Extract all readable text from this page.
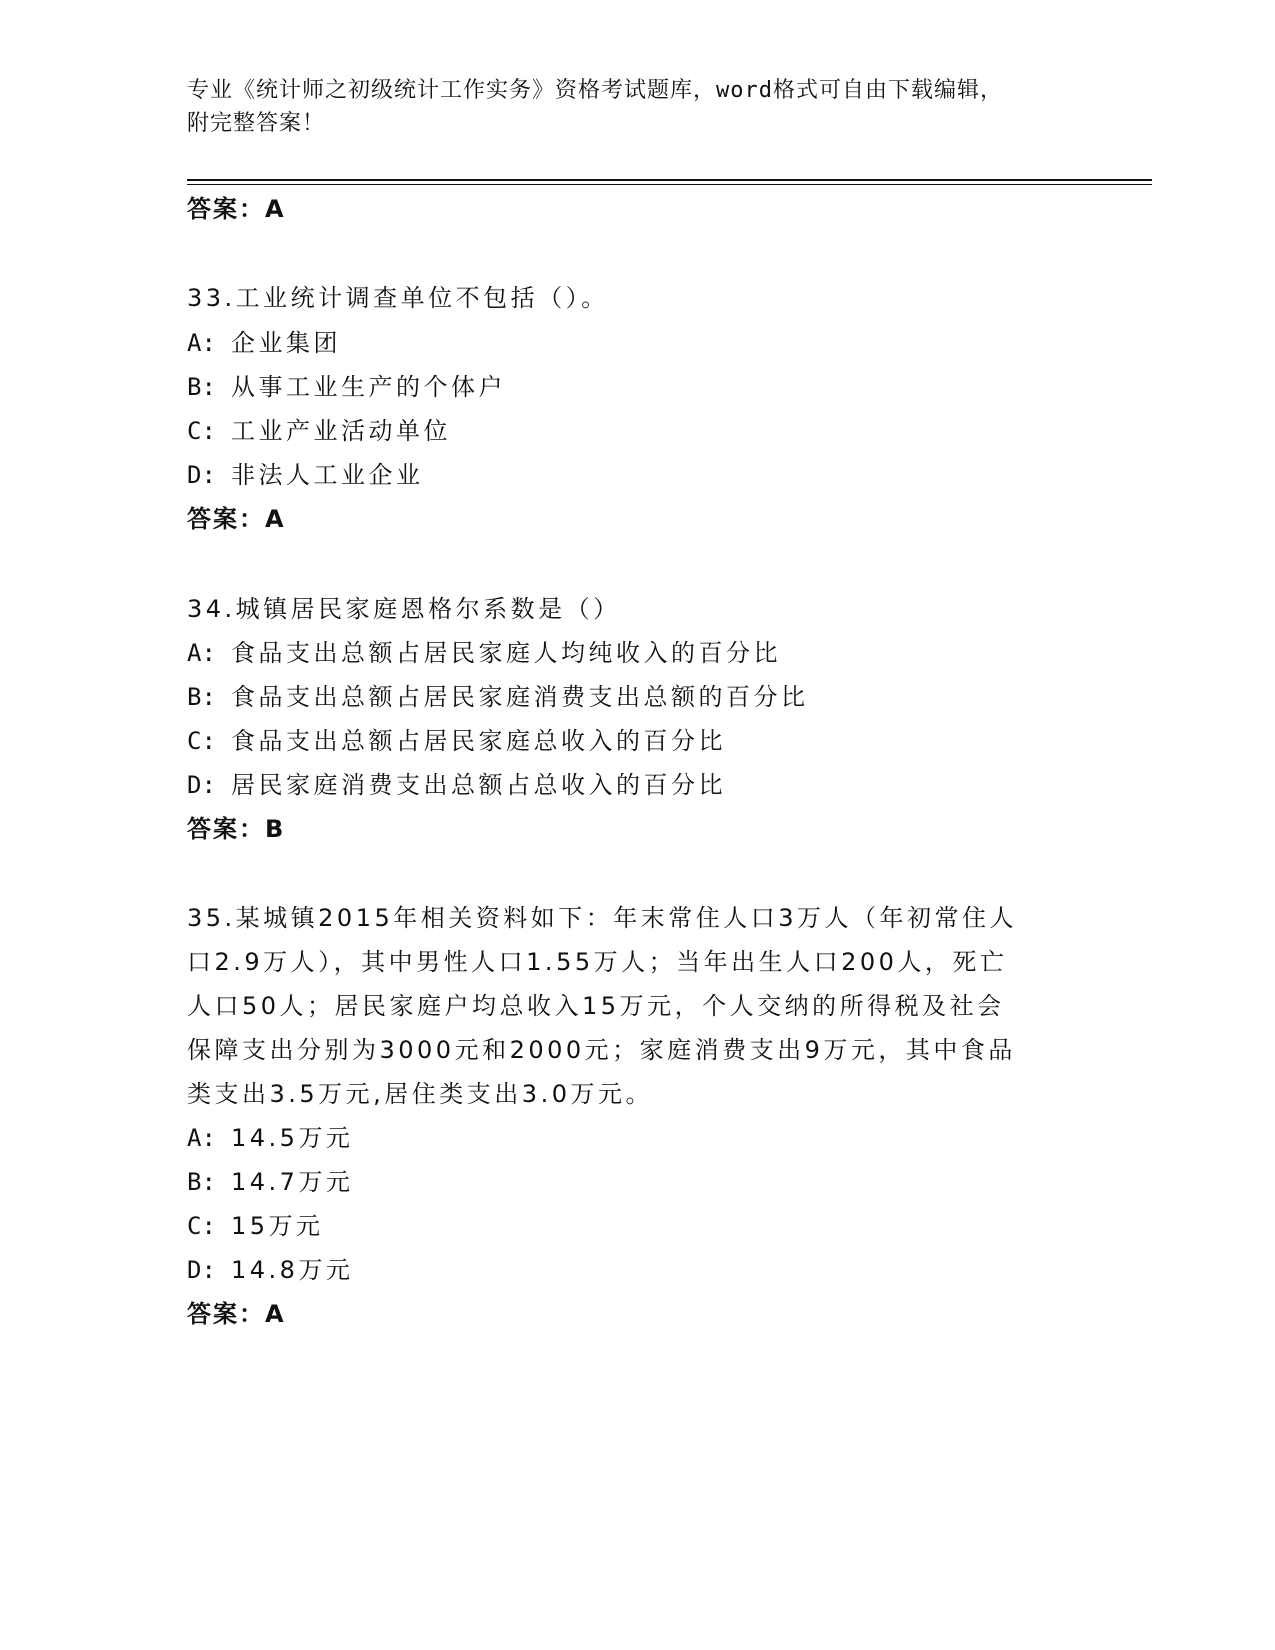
专业《统计师之初级统计工作实务》资格考试题库，word格式可自由下载编辑，
附完整答案！
答案：A
33.工业统计调查单位不包括（）。
A: 企业集团
B: 从事工业生产的个体户
C: 工业产业活动单位
D: 非法人工业企业
答案：A
34.城镇居民家庭恩格尔系数是（）
A: 食品支出总额占居民家庭人均纯收入的百分比
B: 食品支出总额占居民家庭消费支出总额的百分比
C: 食品支出总额占居民家庭总收入的百分比
D: 居民家庭消费支出总额占总收入的百分比
答案：B
35.某城镇2015年相关资料如下：年末常住人口3万人（年初常住人
口2.9万人），其中男性人口1.55万人；当年出生人口200人，死亡
人口50人；居民家庭户均总收入15万元，个人交纳的所得税及社会
保障支出分别为3000元和2000元；家庭消费支出9万元，其中食品
类支出3.5万元,居住类支出3.0万元。
A: 14.5万元
B: 14.7万元
C: 15万元
D: 14.8万元
答案：A
